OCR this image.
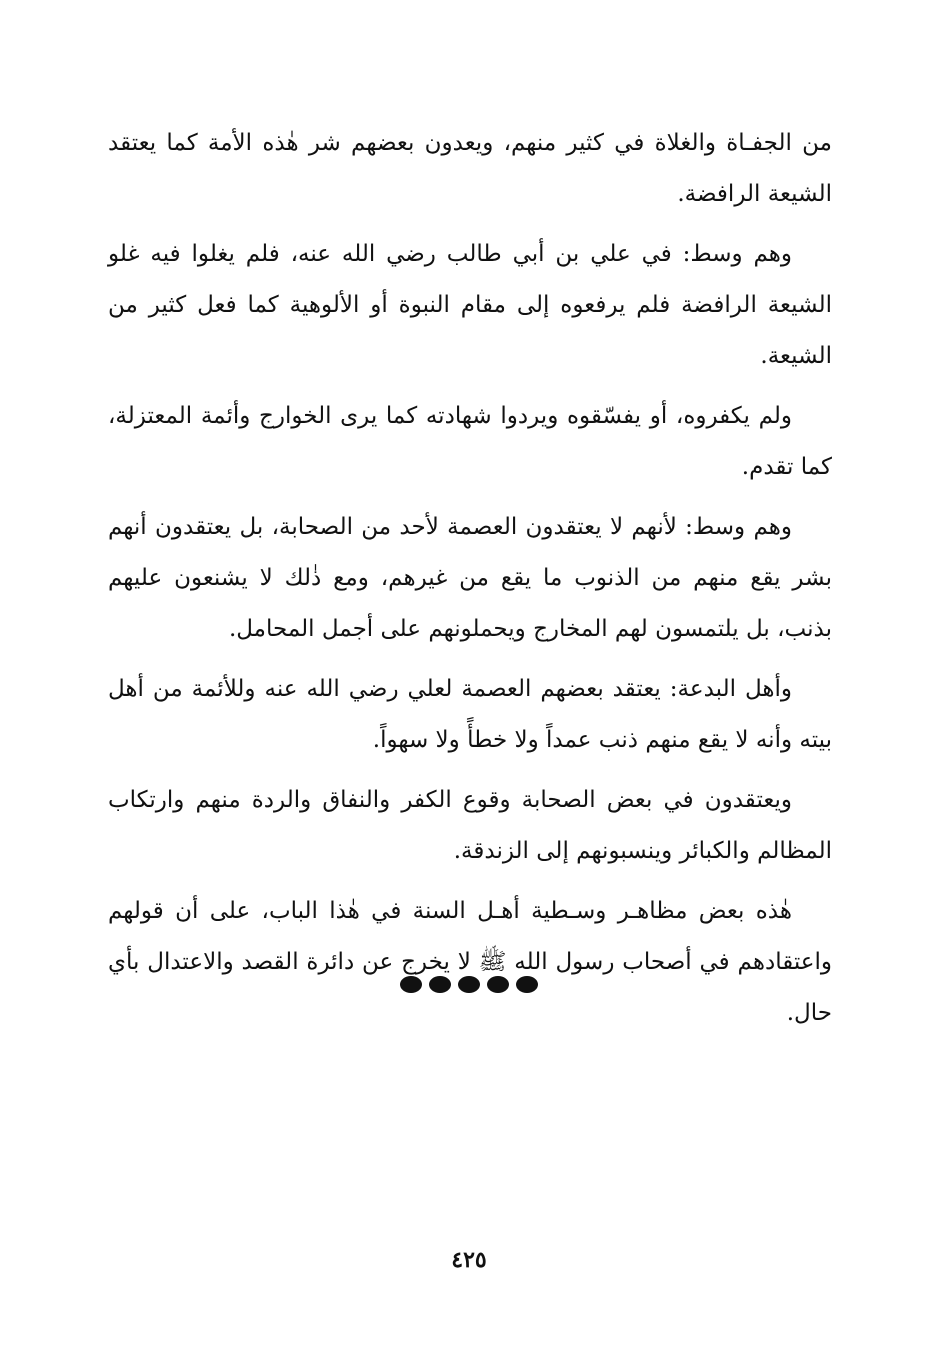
من الجفـاة والغلاة في كثير منهم، ويعدون بعضهم شر هٰذه الأمة كما يعتقد الشيعة الرافضة.

وهم وسط: في علي بن أبي طالب رضي الله عنه، فلم يغلوا فيه غلو الشيعة الرافضة فلم يرفعوه إلى مقام النبوة أو الألوهية كما فعل كثير من الشيعة.

ولم يكفروه، أو يفسّقوه ويردوا شهادته كما يرى الخوارج وأئمة المعتزلة، كما تقدم.

وهم وسط: لأنهم لا يعتقدون العصمة لأحد من الصحابة، بل يعتقدون أنهم بشر يقع منهم من الذنوب ما يقع من غيرهم، ومع ذٰلك لا يشنعون عليهم بذنب، بل يلتمسون لهم المخارج ويحملونهم على أجمل المحامل.

وأهل البدعة: يعتقد بعضهم العصمة لعلي رضي الله عنه وللأئمة من أهل بيته وأنه لا يقع منهم ذنب عمداً ولا خطأً ولا سهواً.

ويعتقدون في بعض الصحابة وقوع الكفر والنفاق والردة منهم وارتكاب المظالم والكبائر وينسبونهم إلى الزندقة.

هٰذه بعض مظاهـر وسـطية أهـل السنة في هٰذا الباب، على أن قولهم واعتقادهم في أصحاب رسول الله ﷺ لا يخرج عن دائرة القصد والاعتدال بأي حال.

٤٢٥
